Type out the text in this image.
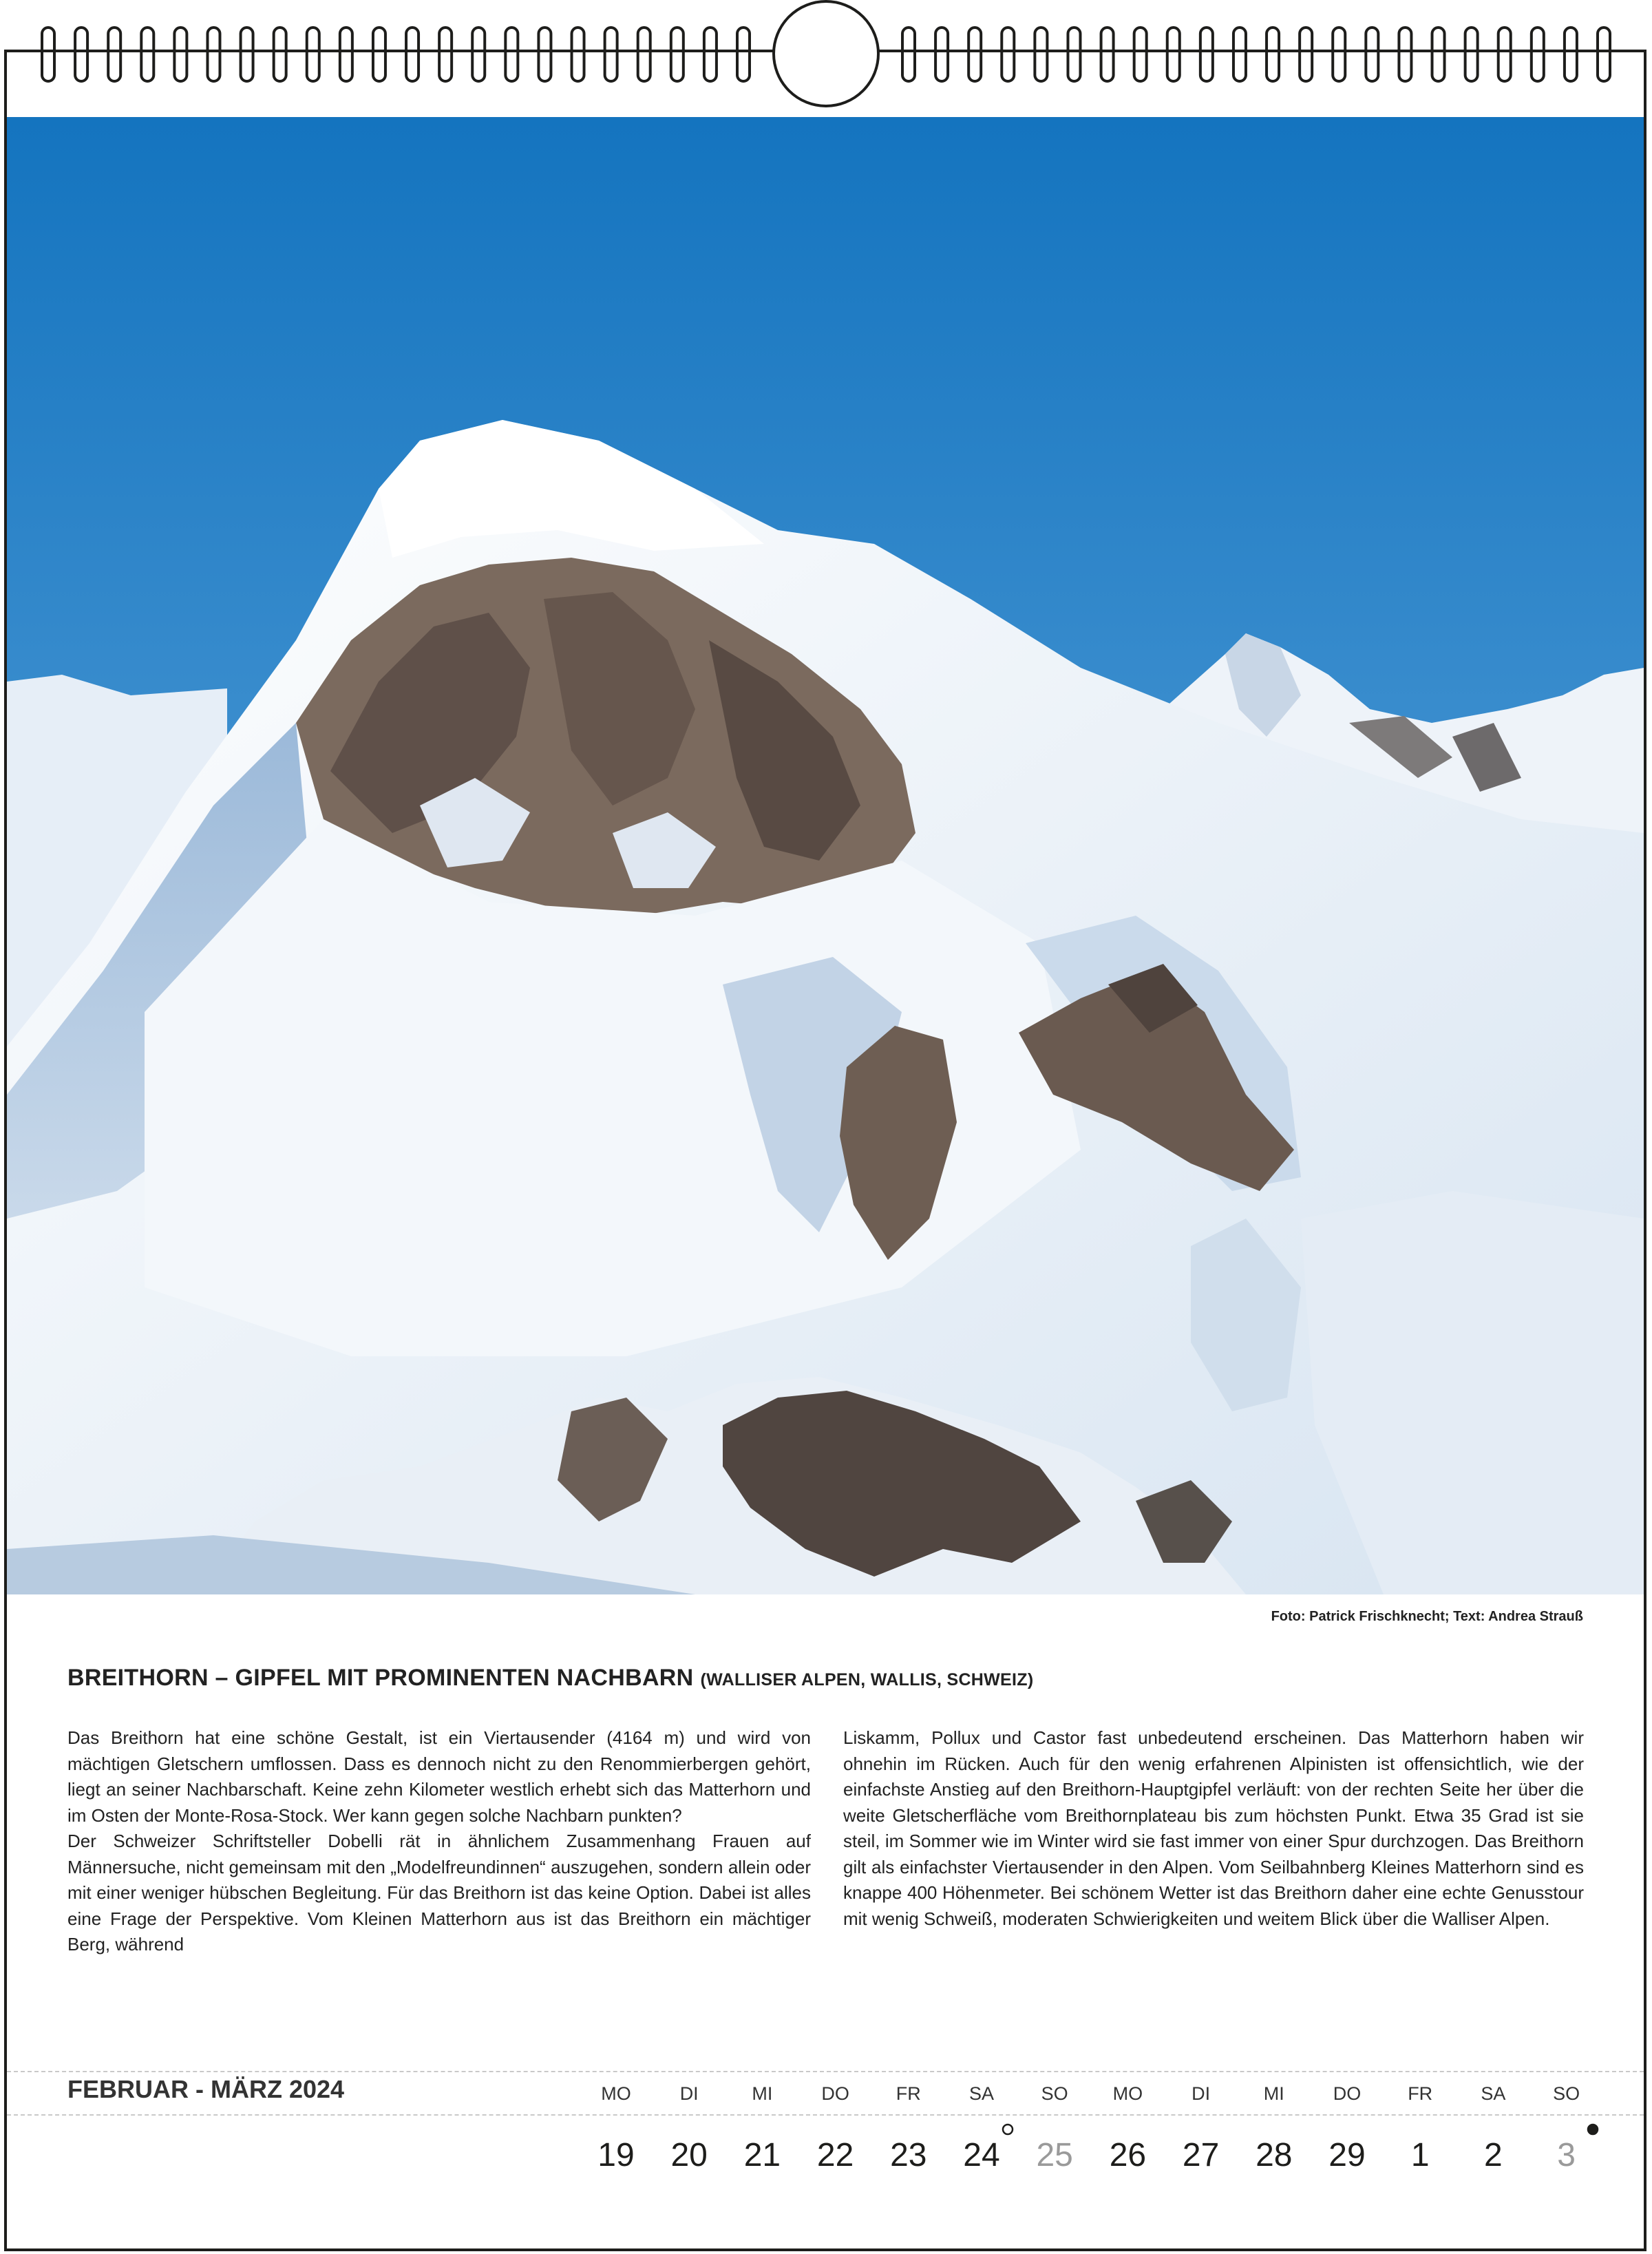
Foto: Patrick Frischknecht; Text: Andrea Strauß
BREITHORN – GIPFEL MIT PROMINENTEN NACHBARN (WALLISER ALPEN, WALLIS, SCHWEIZ)

Das Breithorn hat eine schöne Gestalt, ist ein Viertausender (4164 m) und wird von mächtigen Gletschern umflossen. Dass es dennoch nicht zu den Renommierbergen gehört, liegt an seiner Nachbarschaft. Keine zehn Kilometer westlich erhebt sich das Matterhorn und im Osten der Monte-Rosa-Stock. Wer kann gegen solche Nachbarn punkten?

Der Schweizer Schriftsteller Dobelli rät in ähnlichem Zusammenhang Frauen auf Männersuche, nicht gemeinsam mit den „Modelfreundinnen“ auszugehen, sondern allein oder mit einer weniger hübschen Begleitung. Für das Breithorn ist das keine Option. Dabei ist alles eine Frage der Perspektive. Vom Kleinen Matterhorn aus ist das Breithorn ein mächtiger Berg, während

Liskamm, Pollux und Castor fast unbedeutend erscheinen. Das Matterhorn haben wir ohnehin im Rücken. Auch für den wenig erfahrenen Alpinisten ist offensichtlich, wie der einfachste Anstieg auf den Breithorn-Hauptgipfel verläuft: von der rechten Seite her über die weite Gletscherfläche vom Breithornplateau bis zum höchsten Punkt. Etwa 35 Grad ist sie steil, im Sommer wie im Winter wird sie fast immer von einer Spur durchzogen. Das Breithorn gilt als einfachster Viertausender in den Alpen. Vom Seilbahnberg Kleines Matterhorn sind es knappe 400 Höhenmeter. Bei schönem Wetter ist das Breithorn daher eine echte Genusstour mit wenig Schweiß, moderaten Schwierigkeiten und weitem Blick über die Walliser Alpen.

FEBRUAR - MÄRZ 2024	MO
19
DI
20
MI
21
DO
22
FR
23
SA
24
SO
25
MO
26
DI
27
MI
28
DO
29
FR
1
SA
2
SO
3
